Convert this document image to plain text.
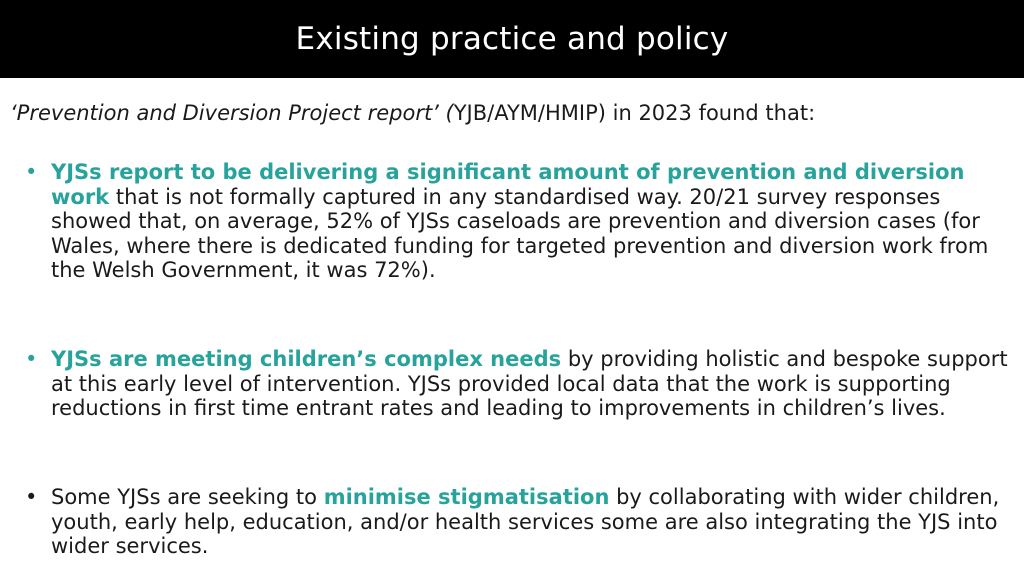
Existing practice and policy
‘Prevention and Diversion Project report’ (YJB/AYM/HMIP) in 2023 found that:
• YJSs report to be delivering a significant amount of prevention and diversion work that is not formally captured in any standardised way. 20/21 survey responses showed that, on average, 52% of YJSs caseloads are prevention and diversion cases (for Wales, where there is dedicated funding for targeted prevention and diversion work from the Welsh Government, it was 72%).
• YJSs are meeting children’s complex needs by providing holistic and bespoke support at this early level of intervention. YJSs provided local data that the work is supporting reductions in first time entrant rates and leading to improvements in children’s lives.
• Some YJSs are seeking to minimise stigmatisation by collaborating with wider children, youth, early help, education, and/or health services some are also integrating the YJS into wider services.
